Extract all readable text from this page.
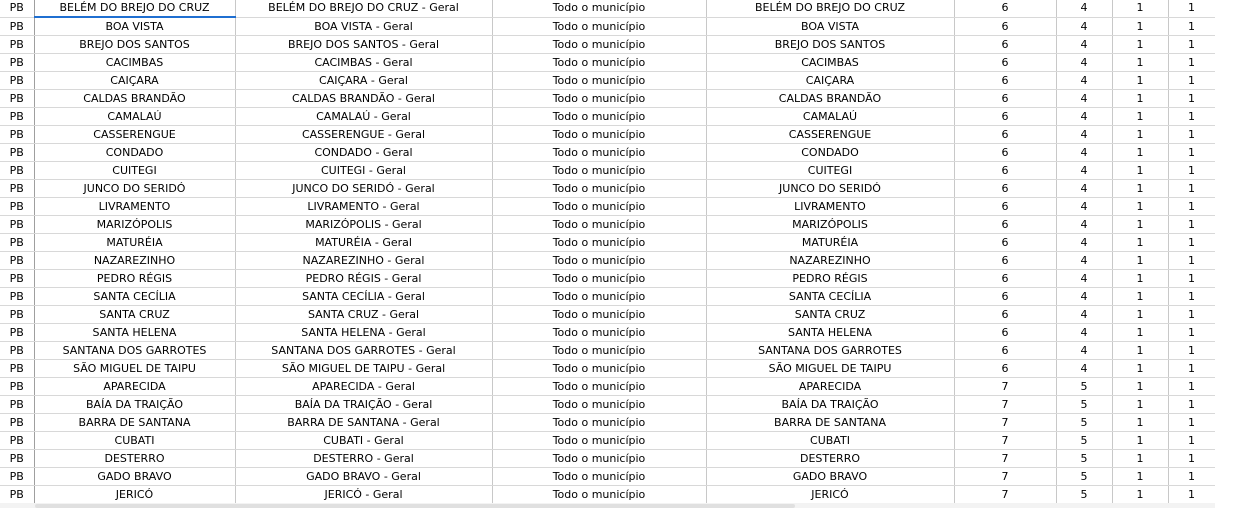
PB	BELÉM DO BREJO DO CRUZ	BELÉM DO BREJO DO CRUZ - Geral	Todo o município	BELÉM DO BREJO DO CRUZ	6	4	1	1
PB	BOA VISTA	BOA VISTA - Geral	Todo o município	BOA VISTA	6	4	1	1
PB	BREJO DOS SANTOS	BREJO DOS SANTOS - Geral	Todo o município	BREJO DOS SANTOS	6	4	1	1
PB	CACIMBAS	CACIMBAS - Geral	Todo o município	CACIMBAS	6	4	1	1
PB	CAIÇARA	CAIÇARA - Geral	Todo o município	CAIÇARA	6	4	1	1
PB	CALDAS BRANDÃO	CALDAS BRANDÃO - Geral	Todo o município	CALDAS BRANDÃO	6	4	1	1
PB	CAMALAÚ	CAMALAÚ - Geral	Todo o município	CAMALAÚ	6	4	1	1
PB	CASSERENGUE	CASSERENGUE - Geral	Todo o município	CASSERENGUE	6	4	1	1
PB	CONDADO	CONDADO - Geral	Todo o município	CONDADO	6	4	1	1
PB	CUITEGI	CUITEGI - Geral	Todo o município	CUITEGI	6	4	1	1
PB	JUNCO DO SERIDÓ	JUNCO DO SERIDÓ - Geral	Todo o município	JUNCO DO SERIDÓ	6	4	1	1
PB	LIVRAMENTO	LIVRAMENTO - Geral	Todo o município	LIVRAMENTO	6	4	1	1
PB	MARIZÓPOLIS	MARIZÓPOLIS - Geral	Todo o município	MARIZÓPOLIS	6	4	1	1
PB	MATURÉIA	MATURÉIA - Geral	Todo o município	MATURÉIA	6	4	1	1
PB	NAZAREZINHO	NAZAREZINHO - Geral	Todo o município	NAZAREZINHO	6	4	1	1
PB	PEDRO RÉGIS	PEDRO RÉGIS - Geral	Todo o município	PEDRO RÉGIS	6	4	1	1
PB	SANTA CECÍLIA	SANTA CECÍLIA - Geral	Todo o município	SANTA CECÍLIA	6	4	1	1
PB	SANTA CRUZ	SANTA CRUZ - Geral	Todo o município	SANTA CRUZ	6	4	1	1
PB	SANTA HELENA	SANTA HELENA - Geral	Todo o município	SANTA HELENA	6	4	1	1
PB	SANTANA DOS GARROTES	SANTANA DOS GARROTES - Geral	Todo o município	SANTANA DOS GARROTES	6	4	1	1
PB	SÃO MIGUEL DE TAIPU	SÃO MIGUEL DE TAIPU - Geral	Todo o município	SÃO MIGUEL DE TAIPU	6	4	1	1
PB	APARECIDA	APARECIDA - Geral	Todo o município	APARECIDA	7	5	1	1
PB	BAÍA DA TRAIÇÃO	BAÍA DA TRAIÇÃO - Geral	Todo o município	BAÍA DA TRAIÇÃO	7	5	1	1
PB	BARRA DE SANTANA	BARRA DE SANTANA - Geral	Todo o município	BARRA DE SANTANA	7	5	1	1
PB	CUBATI	CUBATI - Geral	Todo o município	CUBATI	7	5	1	1
PB	DESTERRO	DESTERRO - Geral	Todo o município	DESTERRO	7	5	1	1
PB	GADO BRAVO	GADO BRAVO - Geral	Todo o município	GADO BRAVO	7	5	1	1
PB	JERICÓ	JERICÓ - Geral	Todo o município	JERICÓ	7	5	1	1
